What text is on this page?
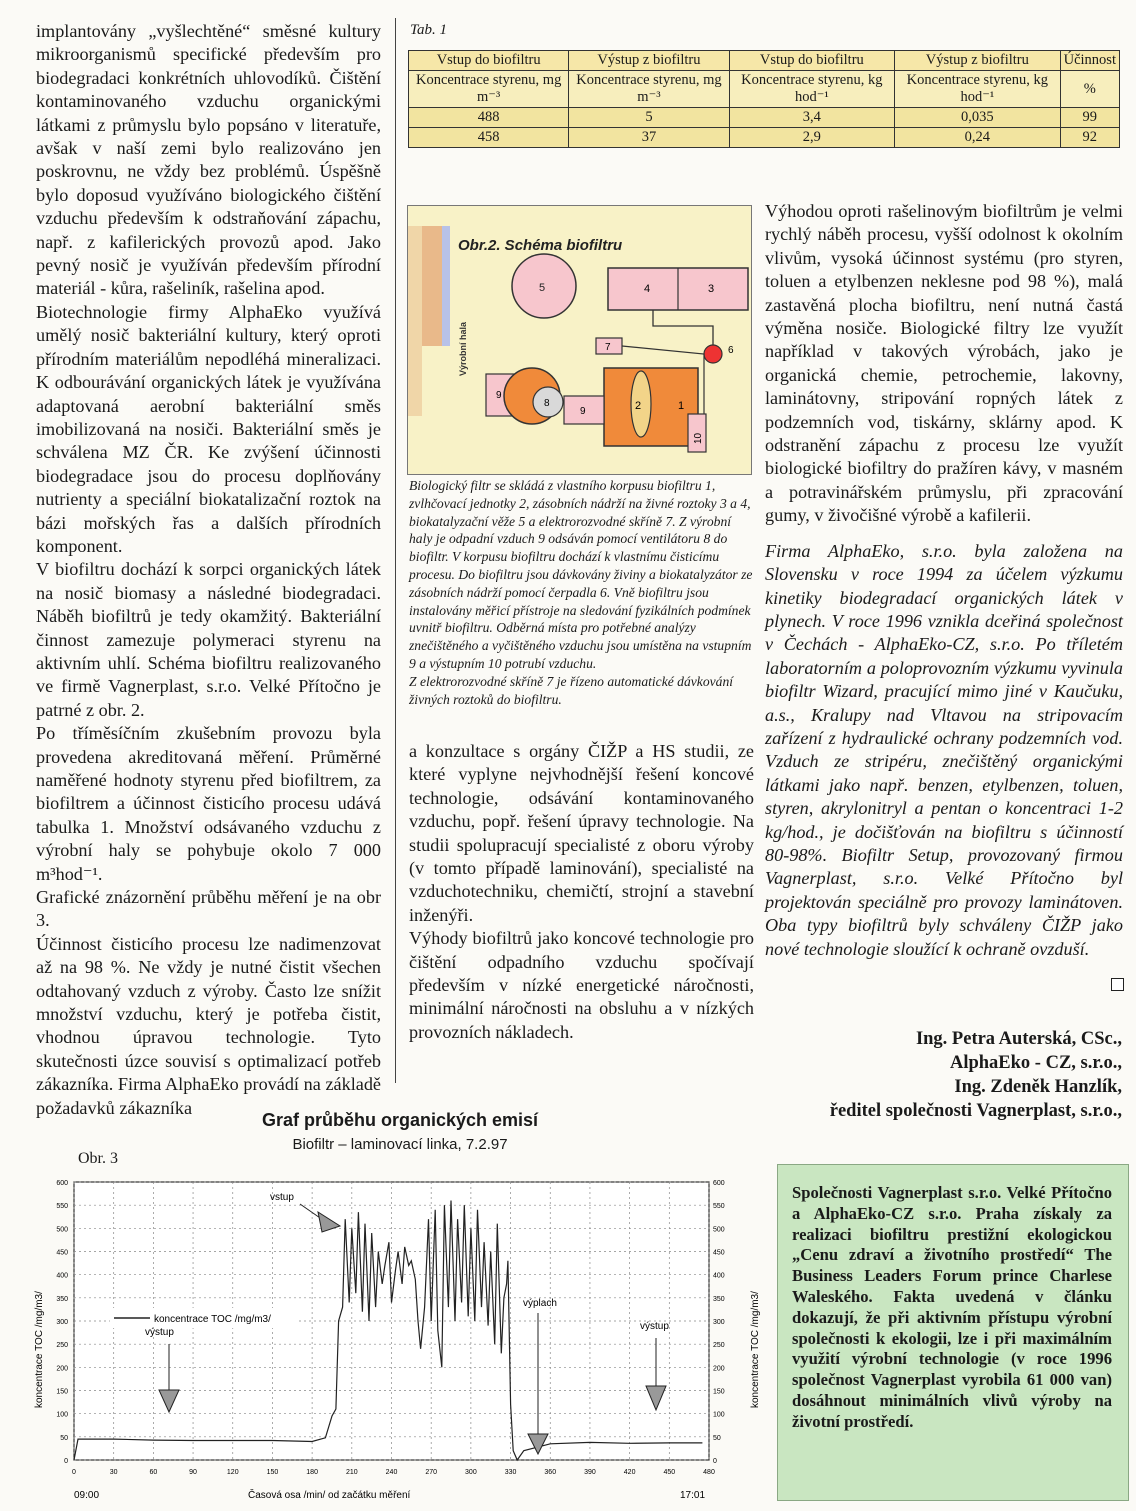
implantovány „vyšlechtěné“ směsné kultury mikroorganismů specifické především pro biodegradaci konkrétních uhlovodíků. Čištění kontaminovaného vzduchu organickými látkami z průmyslu bylo popsáno v literatuře, avšak v naší zemi bylo realizováno jen poskrovnu, ne vždy bez problémů. Úspěšně bylo doposud využíváno biologického čištění vzduchu především k odstraňování zápachu, např. z kafilerických provozů apod. Jako pevný nosič je využíván především přírodní materiál - kůra, rašeliník, rašelina apod.

Biotechnologie firmy AlphaEko využívá umělý nosič bakteriální kultury, který oproti přírodním materiálům nepodléhá mineralizaci. K odbourávání organických látek je využívána adaptovaná aerobní bakteriální směs imobilizovaná na nosiči. Bakteriální směs je schválena MZ ČR. Ke zvýšení účinnosti biodegradace jsou do procesu doplňovány nutrienty a speciální biokatalizační roztok na bázi mořských řas a dalších přírodních komponent.

V biofiltru dochází k sorpci organických látek na nosič biomasy a následné biodegradaci. Náběh biofiltrů je tedy okamžitý. Bakteriální činnost zamezuje polymeraci styrenu na aktivním uhlí. Schéma biofiltru realizovaného ve firmě Vagnerplast, s.r.o. Velké Přítočno je patrné z obr. 2.

Po tříměsíčním zkušebním provozu byla provedena akreditovaná měření. Průměrné naměřené hodnoty styrenu před biofiltrem, za biofiltrem a účinnost čisticího procesu udává tabulka 1. Množství odsávaného vzduchu z výrobní haly se pohybuje okolo 7 000 m³hod⁻¹.

Grafické znázornění průběhu měření je na obr 3.

Účinnost čisticího procesu lze nadimenzovat až na 98 %. Ne vždy je nutné čistit všechen odtahovaný vzduch z výroby. Často lze snížit množství vzduchu, který je potřeba čistit, vhodnou úpravou technologie. Tyto skutečnosti úzce souvisí s optimalizací potřeb zákazníka. Firma AlphaEko provádí na základě požadavků zákazníka

Tab. 1
Vstup do biofiltru	Výstup z biofiltru	Vstup do biofiltru	Výstup z biofiltru	Účinnost
Koncentrace styrenu, mg m⁻³	Koncentrace styrenu, mg m⁻³	Koncentrace styrenu, kg hod⁻¹	Koncentrace styrenu, kg hod⁻¹	%
488	5	3,4	0,035	99
458	37	2,9	0,24	92
Obr.2. Schéma biofiltru
Výrobní hala
5	4	3
6
7
2	1
10
9
8
9
Biologický filtr se skládá z vlastního korpusu biofiltru 1, zvlhčovací jednotky 2, zásobních nádrží na živné roztoky 3 a 4, biokatalyzační věže 5 a elektrorozvodné skříně 7. Z výrobní haly je odpadní vzduch 9 odsáván pomocí ventilátoru 8 do biofiltr. V korpusu biofiltru dochází k vlastnímu čisticímu procesu. Do biofiltru jsou dávkovány živiny a biokatalyzátor ze zásobních nádrží pomocí čerpadla 6. Vně biofiltru jsou instalovány měřicí přístroje na sledování fyzikálních podmínek uvnitř biofiltru. Odběrná místa pro potřebné analýzy znečištěného a vyčištěného vzduchu jsou umístěna na vstupním 9 a výstupním 10 potrubí vzduchu.
Z elektrorozvodné skříně 7 je řízeno automatické dávkování živných roztoků do biofiltru.

a konzultace s orgány ČIŽP a HS studii, ze které vyplyne nejvhodnější řešení koncové technologie, odsávání kontaminovaného vzduchu, popř. řešení úpravy technologie. Na studii spolupracují specialisté z oboru výroby (v tomto případě laminování), specialisté na vzduchotechniku, chemičtí, strojní a stavební inženýři.

Výhody biofiltrů jako koncové technologie pro čištění odpadního vzduchu spočívají především v nízké energetické náročnosti, minimální náročnosti na obsluhu a v nízkých provozních nákladech.

Výhodou oproti rašelinovým biofiltrům je velmi rychlý náběh procesu, vyšší odolnost k okolním vlivům, vysoká účinnost systému (pro styren, toluen a etylbenzen neklesne pod 98 %), malá zastavěná plocha biofiltru, není nutná častá výměna nosiče. Biologické filtry lze využít například v takových výrobách, jako je organická chemie, petrochemie, lakovny, laminátovny, stripování ropných látek z podzemních vod, tiskárny, sklárny apod. K odstranění zápachu z procesu lze využít biologické biofiltry do pražíren kávy, v masném a potravinářském průmyslu, při zpracování gumy, v živočišné výrobě a kafilerii.

Firma AlphaEko, s.r.o. byla založena na Slovensku v roce 1994 za účelem výzkumu kinetiky biodegradací organických látek v plynech. V roce 1996 vznikla dceřiná společnost v Čechách - AlphaEko-CZ, s.r.o. Po tříletém laboratorním a poloprovozním výzkumu vyvinula biofiltr Wizard, pracující mimo jiné v Kaučuku, a.s., Kralupy nad Vltavou na stripovacím zařízení z hydraulické ochrany podzemních vod. Vzduch ze stripéru, znečištěný organickými látkami jako např. benzen, etylbenzen, toluen, styren, akrylonitryl a pentan o koncentraci 1-2 kg/hod., je dočišťován na biofiltru s účinností 80-98%. Biofiltr Setup, provozovaný firmou Vagnerplast, s.r.o. Velké Přítočno byl projektován speciálně pro provozy laminátoven. Oba typy biofiltrů byly schváleny ČIŽP jako nové technologie sloužící k ochraně ovzduší.

Ing. Petra Auterská, CSc.,
AlphaEko - CZ, s.r.o.,
Ing. Zdeněk Hanzlík,
ředitel společnosti Vagnerplast, s.r.o.,

Společnosti Vagnerplast s.r.o. Velké Přítočno a AlphaEko-CZ s.r.o. Praha získaly za realizaci biofiltru prestižní ekologickou „Cenu zdraví a životního prostředí“ The Business Leaders Forum prince Charlese Waleského. Fakta uvedená v článku dokazují, že při aktivním přístupu výrobní společnosti k ekologii, lze i při maximálním využití výrobní technologie (v roce 1996 společnost Vagnerplast vyrobila 61 000 van) dosáhnout minimálních vlivů výroby na životní prostředí.

Obr. 3
Graf průběhu organických emisí
Biofiltr – laminovací linka, 7.2.97
0	0
50	50
100	100
150	150
200	200
250	250
300	300
350	350
400	400
450	450
500	500
550	550
600	600
0	30	60	90	120	150	180	210	240	270	300	330	360	390	420	450	480
koncentrace TOC /mg/m3/
koncentrace TOC /mg/m3/	koncentrace TOC /mg/m3/
Časová osa /min/ od začátku měření
09:00	17:01
vstup
výstup
výplach
výstup
